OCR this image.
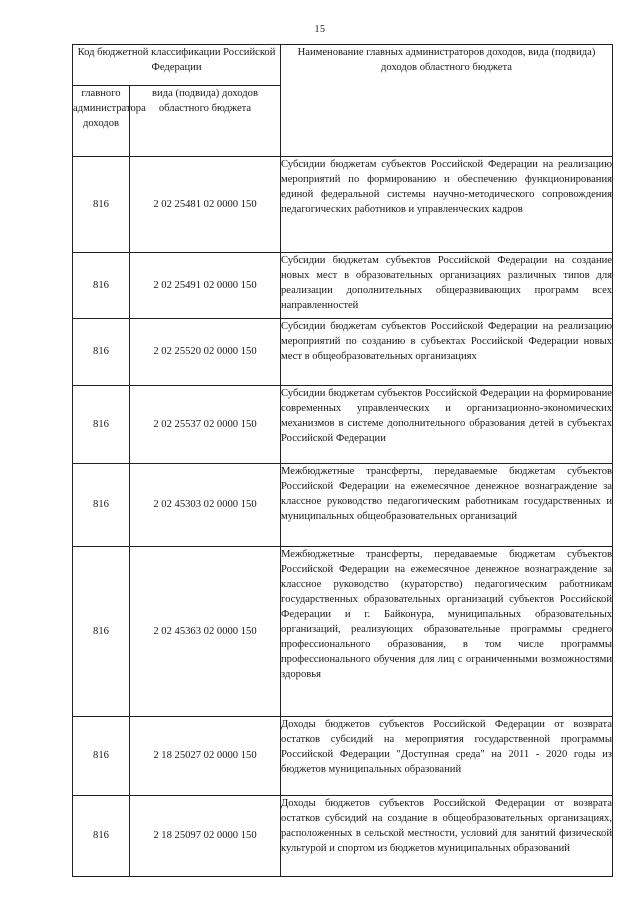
15
Код бюджетной классификации Российской Федерации		Наименование главных администраторов доходов, вида (подвида) доходов областного бюджета
главного администратора доходов	вида (подвида) доходов областного бюджета	
816	2 02 25481 02 0000 150	Субсидии бюджетам субъектов Российской Федерации на реализацию мероприятий по формированию и обеспечению функционирования единой федеральной системы научно-методического сопровождения педагогических работников и управленческих кадров
816	2 02 25491 02 0000 150	Субсидии бюджетам субъектов Российской Федерации на создание новых мест в образовательных организациях различных типов для реализации дополнительных общеразвивающих программ всех направленностей
816	2 02 25520 02 0000 150	Субсидии бюджетам субъектов Российской Федерации на реализацию мероприятий по созданию в субъектах Российской Федерации новых мест в общеобразовательных организациях
816	2 02 25537 02 0000 150	Субсидии бюджетам субъектов Российской Федерации на формирование современных управленческих и организационно-экономических механизмов в системе дополнительного образования детей в субъектах Российской Федерации
816	2 02 45303 02 0000 150	Межбюджетные трансферты, передаваемые бюджетам субъектов Российской Федерации на ежемесячное денежное вознаграждение за классное руководство педагогическим работникам государственных и муниципальных общеобразовательных организаций
816	2 02 45363 02 0000 150	Межбюджетные трансферты, передаваемые бюджетам субъектов Российской Федерации на ежемесячное денежное вознаграждение за классное руководство (кураторство) педагогическим работникам государственных образовательных организаций субъектов Российской Федерации и г. Байконура, муниципальных образовательных организаций, реализующих образовательные программы среднего профессионального образования, в том числе программы профессионального обучения для лиц с ограниченными возможностями здоровья
816	2 18 25027 02 0000 150	Доходы бюджетов субъектов Российской Федерации от возврата остатков субсидий на мероприятия государственной программы Российской Федерации "Доступная среда" на 2011 - 2020 годы из бюджетов муниципальных образований
816	2 18 25097 02 0000 150	Доходы бюджетов субъектов Российской Федерации от возврата остатков субсидий на создание в общеобразовательных организациях, расположенных в сельской местности, условий для занятий физической культурой и спортом из бюджетов муниципальных образований
